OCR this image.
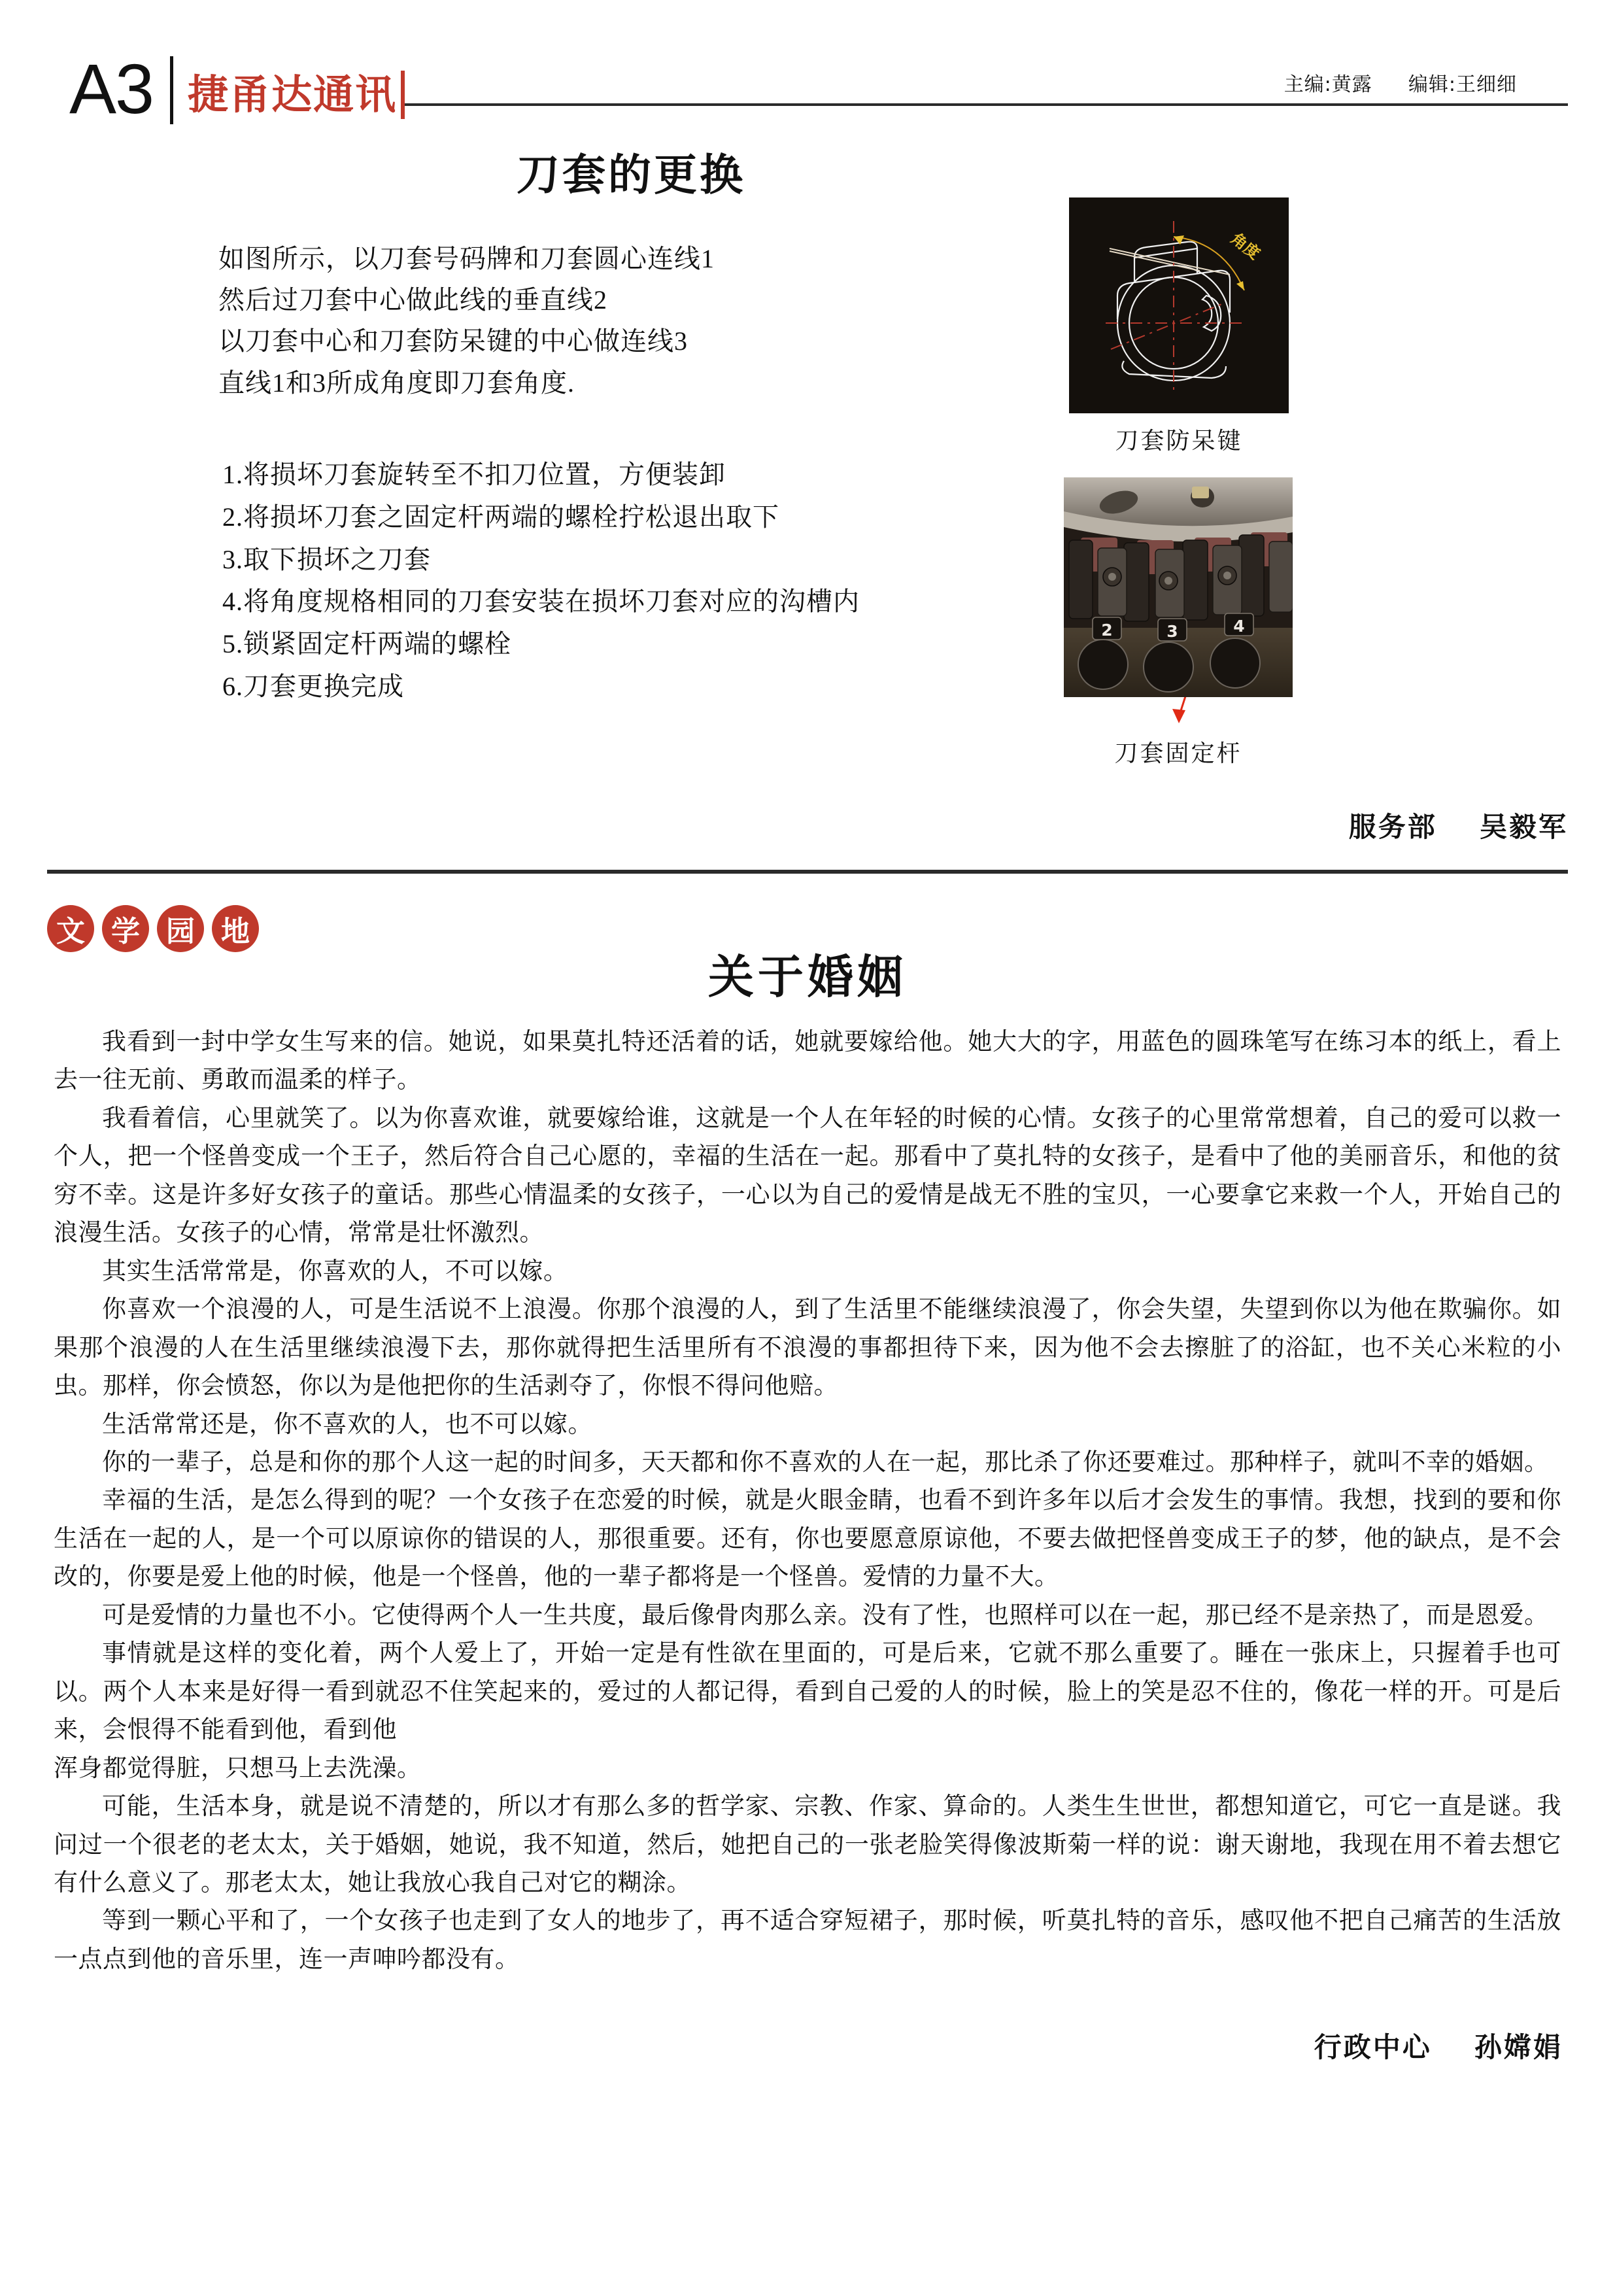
A3 捷甬达通讯	主编:黄露 编辑:王细细
刀套的更换
如图所示，以刀套号码牌和刀套圆心连线1
然后过刀套中心做此线的垂直线2
以刀套中心和刀套防呆键的中心做连线3
直线1和3所成角度即刀套角度.
1.将损坏刀套旋转至不扣刀位置，方便装卸
2.将损坏刀套之固定杆两端的螺栓拧松退出取下
3.取下损坏之刀套
4.将角度规格相同的刀套安装在损坏刀套对应的沟槽内
5.锁紧固定杆两端的螺栓
6.刀套更换完成
角度
刀套防呆键
2	3	4
刀套固定杆
服务部 吴毅军
文 学 园 地
关于婚姻

我看到一封中学女生写来的信。她说，如果莫扎特还活着的话，她就要嫁给他。她大大的字，用蓝色的圆珠笔写在练习本的纸上，看上去一往无前、勇敢而温柔的样子。

我看着信，心里就笑了。以为你喜欢谁，就要嫁给谁，这就是一个人在年轻的时候的心情。女孩子的心里常常想着，自己的爱可以救一个人，把一个怪兽变成一个王子，然后符合自己心愿的，幸福的生活在一起。那看中了莫扎特的女孩子，是看中了他的美丽音乐，和他的贫穷不幸。这是许多好女孩子的童话。那些心情温柔的女孩子，一心以为自己的爱情是战无不胜的宝贝，一心要拿它来救一个人，开始自己的浪漫生活。女孩子的心情，常常是壮怀激烈。

其实生活常常是，你喜欢的人，不可以嫁。

你喜欢一个浪漫的人，可是生活说不上浪漫。你那个浪漫的人，到了生活里不能继续浪漫了，你会失望，失望到你以为他在欺骗你。如果那个浪漫的人在生活里继续浪漫下去，那你就得把生活里所有不浪漫的事都担待下来，因为他不会去擦脏了的浴缸，也不关心米粒的小虫。那样，你会愤怒，你以为是他把你的生活剥夺了，你恨不得问他赔。

生活常常还是，你不喜欢的人，也不可以嫁。

你的一辈子，总是和你的那个人这一起的时间多，天天都和你不喜欢的人在一起，那比杀了你还要难过。那种样子，就叫不幸的婚姻。

幸福的生活，是怎么得到的呢？一个女孩子在恋爱的时候，就是火眼金睛，也看不到许多年以后才会发生的事情。我想，找到的要和你生活在一起的人，是一个可以原谅你的错误的人，那很重要。还有，你也要愿意原谅他，不要去做把怪兽变成王子的梦，他的缺点，是不会改的，你要是爱上他的时候，他是一个怪兽，他的一辈子都将是一个怪兽。爱情的力量不大。

可是爱情的力量也不小。它使得两个人一生共度，最后像骨肉那么亲。没有了性，也照样可以在一起，那已经不是亲热了，而是恩爱。

事情就是这样的变化着，两个人爱上了，开始一定是有性欲在里面的，可是后来，它就不那么重要了。睡在一张床上，只握着手也可以。两个人本来是好得一看到就忍不住笑起来的，爱过的人都记得，看到自己爱的人的时候，脸上的笑是忍不住的，像花一样的开。可是后来，会恨得不能看到他，看到他

浑身都觉得脏，只想马上去洗澡。

可能，生活本身，就是说不清楚的，所以才有那么多的哲学家、宗教、作家、算命的。人类生生世世，都想知道它，可它一直是谜。我问过一个很老的老太太，关于婚姻，她说，我不知道，然后，她把自己的一张老脸笑得像波斯菊一样的说：谢天谢地，我现在用不着去想它有什么意义了。那老太太，她让我放心我自己对它的糊涂。

等到一颗心平和了，一个女孩子也走到了女人的地步了，再不适合穿短裙子，那时候，听莫扎特的音乐，感叹他不把自己痛苦的生活放一点点到他的音乐里，连一声呻吟都没有。

行政中心 孙嫦娟
